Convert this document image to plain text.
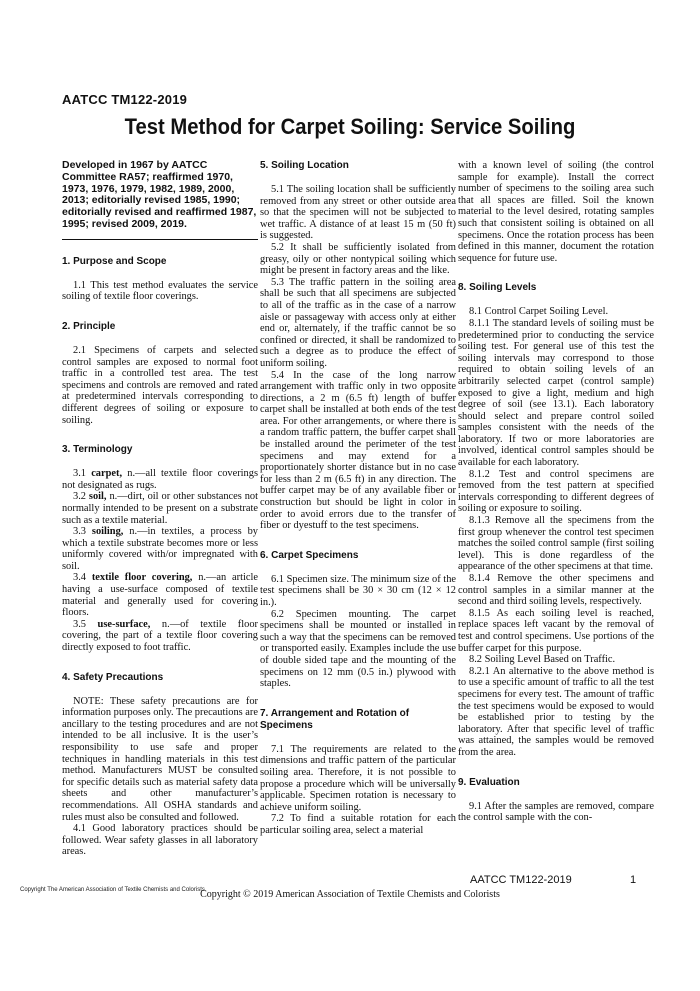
AATCC TM122-2019
Test Method for Carpet Soiling: Service Soiling
Developed in 1967 by AATCC Committee RA57; reaffirmed 1970, 1973, 1976, 1979, 1982, 1989, 2000, 2013; editorially revised 1985, 1990; editorially revised and reaffirmed 1987, 1995; revised 2009, 2019.
1. Purpose and Scope

1.1 This test method evaluates the service soiling of textile floor coverings.

2. Principle

2.1 Specimens of carpets and selected control samples are exposed to normal foot traffic in a controlled test area. The test specimens and controls are removed and rated at predetermined intervals corresponding to different degrees of soiling or exposure to soiling.

3. Terminology

3.1 carpet, n.—all textile floor coverings not designated as rugs.

3.2 soil, n.—dirt, oil or other substances not normally intended to be present on a substrate such as a textile material.

3.3 soiling, n.—in textiles, a process by which a textile substrate becomes more or less uniformly covered with/or impregnated with soil.

3.4 textile floor covering, n.—an article having a use-surface composed of textile material and generally used for covering floors.

3.5 use-surface, n.—of textile floor covering, the part of a textile floor covering directly exposed to foot traffic.

4. Safety Precautions

NOTE: These safety precautions are for information purposes only. The precautions are ancillary to the testing procedures and are not intended to be all inclusive. It is the user’s responsibility to use safe and proper techniques in handling materials in this test method. Manufacturers MUST be consulted for specific details such as material safety data sheets and other manufacturer’s recommendations. All OSHA standards and rules must also be consulted and followed.

4.1 Good laboratory practices should be followed. Wear safety glasses in all laboratory areas.

5. Soiling Location

5.1 The soiling location shall be sufficiently removed from any street or other outside area so that the specimen will not be subjected to wet traffic. A distance of at least 15 m (50 ft) is suggested.

5.2 It shall be sufficiently isolated from greasy, oily or other nontypical soiling which might be present in factory areas and the like.

5.3 The traffic pattern in the soiling area shall be such that all specimens are subjected to all of the traffic as in the case of a narrow aisle or passageway with access only at either end or, alternately, if the traffic cannot be so confined or directed, it shall be randomized to such a degree as to produce the effect of uniform soiling.

5.4 In the case of the long narrow arrangement with traffic only in two opposite directions, a 2 m (6.5 ft) length of buffer carpet shall be installed at both ends of the test area. For other arrangements, or where there is a random traffic pattern, the buffer carpet shall be installed around the perimeter of the test specimens and may extend for a proportionately shorter distance but in no case for less than 2 m (6.5 ft) in any direction. The buffer carpet may be of any available fiber or construction but should be light in color in order to avoid errors due to the transfer of fiber or dyestuff to the test specimens.

6. Carpet Specimens

6.1 Specimen size. The minimum size of the test specimens shall be 30 × 30 cm (12 × 12 in.).

6.2 Specimen mounting. The carpet specimens shall be mounted or installed in such a way that the specimens can be removed or transported easily. Examples include the use of double sided tape and the mounting of the specimens on 12 mm (0.5 in.) plywood with staples.

7. Arrangement and Rotation of Specimens

7.1 The requirements are related to the dimensions and traffic pattern of the particular soiling area. Therefore, it is not possible to propose a procedure which will be universally applicable. Specimen rotation is necessary to achieve uniform soiling.

7.2 To find a suitable rotation for each particular soiling area, select a material

with a known level of soiling (the control sample for example). Install the correct number of specimens to the soiling area such that all spaces are filled. Soil the known material to the level desired, rotating samples such that consistent soiling is obtained on all specimens. Once the rotation process has been defined in this manner, document the rotation sequence for future use.

8. Soiling Levels

8.1 Control Carpet Soiling Level.

8.1.1 The standard levels of soiling must be predetermined prior to conducting the service soiling test. For general use of this test the soiling intervals may correspond to those required to obtain soiling levels of an arbitrarily selected carpet (control sample) exposed to give a light, medium and high degree of soil (see 13.1). Each laboratory should select and prepare control soiled samples consistent with the needs of the laboratory. If two or more laboratories are involved, identical control samples should be available for each laboratory.

8.1.2 Test and control specimens are removed from the test pattern at specified intervals corresponding to different degrees of soiling or exposure to soiling.

8.1.3 Remove all the specimens from the first group whenever the control test specimen matches the soiled control sample (first soiling level). This is done regardless of the appearance of the other specimens at that time.

8.1.4 Remove the other specimens and control samples in a similar manner at the second and third soiling levels, respectively.

8.1.5 As each soiling level is reached, replace spaces left vacant by the removal of test and control specimens. Use portions of the buffer carpet for this purpose.

8.2 Soiling Level Based on Traffic.

8.2.1 An alternative to the above method is to use a specific amount of traffic to all the test specimens for every test. The amount of traffic the test specimens would be exposed to would be established prior to testing by the laboratory. After that specific level of traffic was attained, the samples would be removed from the area.

9. Evaluation

9.1 After the samples are removed, compare the control sample with the con-

AATCC TM122-2019	1
Copyright The American Association of Textile Chemists and Colorists
Copyright © 2019 American Association of Textile Chemists and Colorists
